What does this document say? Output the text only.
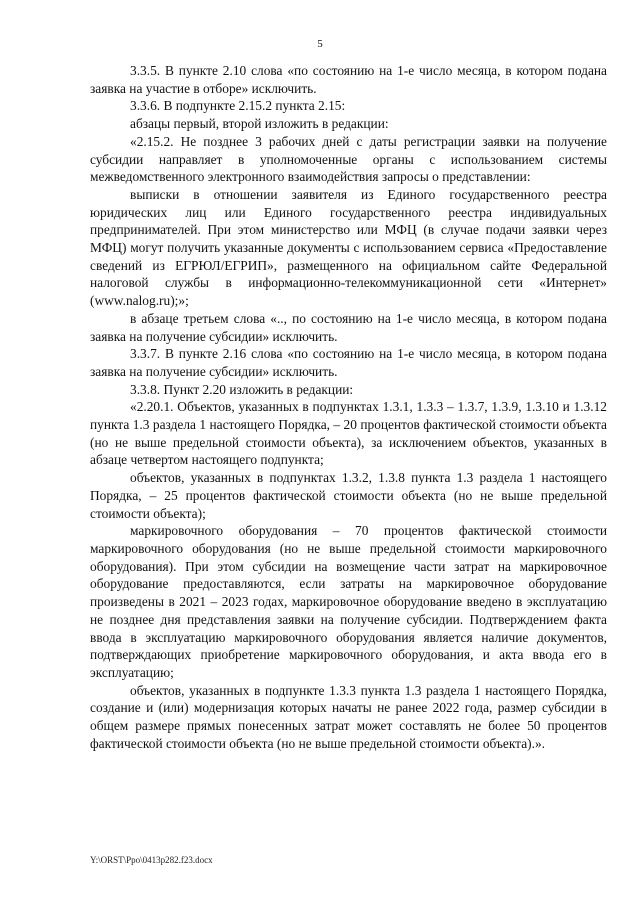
5

3.3.5. В пункте 2.10 слова «по состоянию на 1-е число месяца, в котором подана заявка на участие в отборе» исключить.

3.3.6. В подпункте 2.15.2 пункта 2.15:

абзацы первый, второй изложить в редакции:

«2.15.2. Не позднее 3 рабочих дней с даты регистрации заявки на получение субсидии направляет в уполномоченные органы с использованием системы межведомственного электронного взаимодействия запросы о представлении:

выписки в отношении заявителя из Единого государственного реестра юридических лиц или Единого государственного реестра индивидуальных предпринимателей. При этом министерство или МФЦ (в случае подачи заявки через МФЦ) могут получить указанные документы с использованием сервиса «Предоставление сведений из ЕГРЮЛ/ЕГРИП», размещенного на официальном сайте Федеральной налоговой службы в информационно-телекоммуникационной сети «Интернет» (www.nalog.ru);»;

в абзаце третьем слова «.., по состоянию на 1-е число месяца, в котором подана заявка на получение субсидии» исключить.

3.3.7. В пункте 2.16 слова «по состоянию на 1-е число месяца, в котором подана заявка на получение субсидии» исключить.

3.3.8. Пункт 2.20 изложить в редакции:

«2.20.1. Объектов, указанных в подпунктах 1.3.1, 1.3.3 – 1.3.7, 1.3.9, 1.3.10 и 1.3.12 пункта 1.3 раздела 1 настоящего Порядка, – 20 процентов фактической стоимости объекта (но не выше предельной стоимости объекта), за исключением объектов, указанных в абзаце четвертом настоящего подпункта;

объектов, указанных в подпунктах 1.3.2, 1.3.8 пункта 1.3 раздела 1 настоящего Порядка, – 25 процентов фактической стоимости объекта (но не выше предельной стоимости объекта);

маркировочного оборудования – 70 процентов фактической стоимости маркировочного оборудования (но не выше предельной стоимости маркировочного оборудования). При этом субсидии на возмещение части затрат на маркировочное оборудование предоставляются, если затраты на маркировочное оборудование произведены в 2021 – 2023 годах, маркировочное оборудование введено в эксплуатацию не позднее дня представления заявки на получение субсидии. Подтверждением факта ввода в эксплуатацию маркировочного оборудования является наличие документов, подтверждающих приобретение маркировочного оборудования, и акта ввода его в эксплуатацию;

объектов, указанных в подпункте 1.3.3 пункта 1.3 раздела 1 настоящего Порядка, создание и (или) модернизация которых начаты не ранее 2022 года, размер субсидии в общем размере прямых понесенных затрат может составлять не более 50 процентов фактической стоимости объекта (но не выше предельной стоимости объекта).».

Y:\ORST\Ppo\0413p282.f23.docx
